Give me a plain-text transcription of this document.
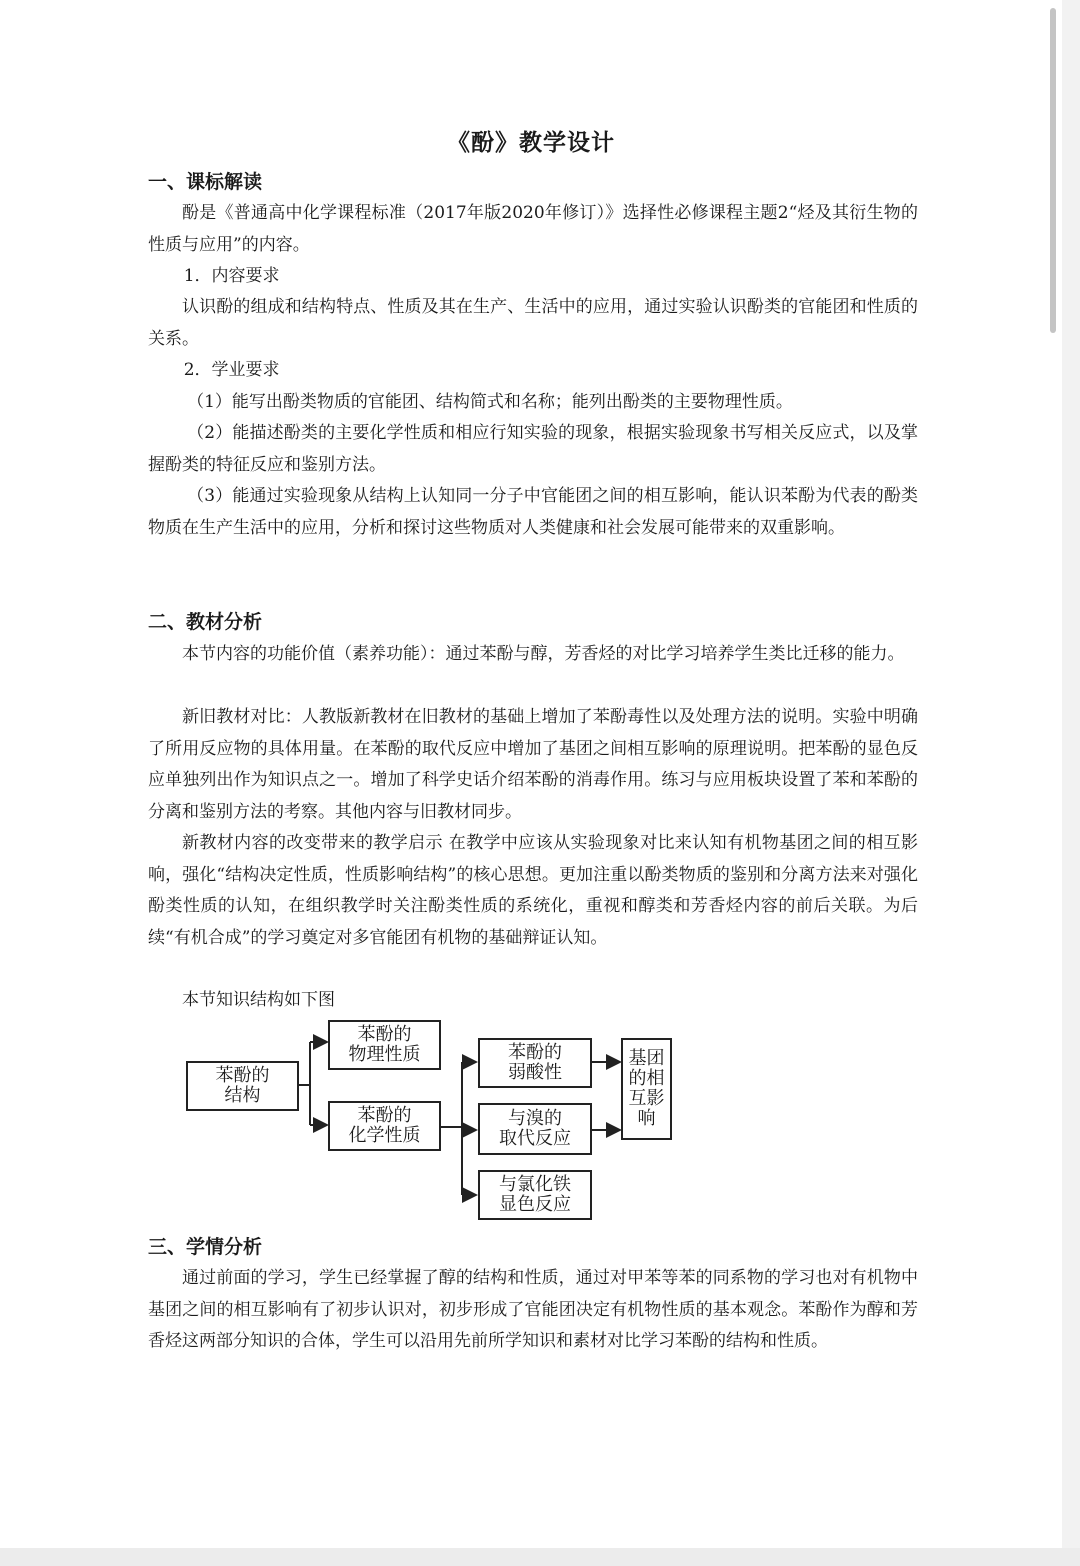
《酚》教学设计
一、课标解读
酚是《普通高中化学课程标准（2017年版2020年修订）》选择性必修课程主题2“烃及其衍生物的性质与应用”的内容。
1．内容要求
认识酚的组成和结构特点、性质及其在生产、生活中的应用，通过实验认识酚类的官能团和性质的关系。
2．学业要求
（1）能写出酚类物质的官能团、结构简式和名称；能列出酚类的主要物理性质。
（2）能描述酚类的主要化学性质和相应行知实验的现象，根据实验现象书写相关反应式，以及掌握酚类的特征反应和鉴别方法。
（3）能通过实验现象从结构上认知同一分子中官能团之间的相互影响，能认识苯酚为代表的酚类物质在生产生活中的应用，分析和探讨这些物质对人类健康和社会发展可能带来的双重影响。
二、教材分析
本节内容的功能价值（素养功能）：通过苯酚与醇，芳香烃的对比学习培养学生类比迁移的能力。
新旧教材对比：人教版新教材在旧教材的基础上增加了苯酚毒性以及处理方法的说明。实验中明确了所用反应物的具体用量。在苯酚的取代反应中增加了基团之间相互影响的原理说明。把苯酚的显色反应单独列出作为知识点之一。增加了科学史话介绍苯酚的消毒作用。练习与应用板块设置了苯和苯酚的分离和鉴别方法的考察。其他内容与旧教材同步。
新教材内容的改变带来的教学启示 在教学中应该从实验现象对比来认知有机物基团之间的相互影响，强化“结构决定性质，性质影响结构”的核心思想。更加注重以酚类物质的鉴别和分离方法来对强化酚类性质的认知，在组织教学时关注酚类性质的系统化，重视和醇类和芳香烃内容的前后关联。为后续“有机合成”的学习奠定对多官能团有机物的基础辩证认知。
本节知识结构如下图
苯酚的
结构
苯酚的
物理性质
苯酚的
化学性质
苯酚的
弱酸性
与溴的
取代反应
与氯化铁
显色反应
基团
的相
互影
响
三、学情分析
通过前面的学习，学生已经掌握了醇的结构和性质，通过对甲苯等苯的同系物的学习也对有机物中基团之间的相互影响有了初步认识对，初步形成了官能团决定有机物性质的基本观念。苯酚作为醇和芳香烃这两部分知识的合体，学生可以沿用先前所学知识和素材对比学习苯酚的结构和性质。
